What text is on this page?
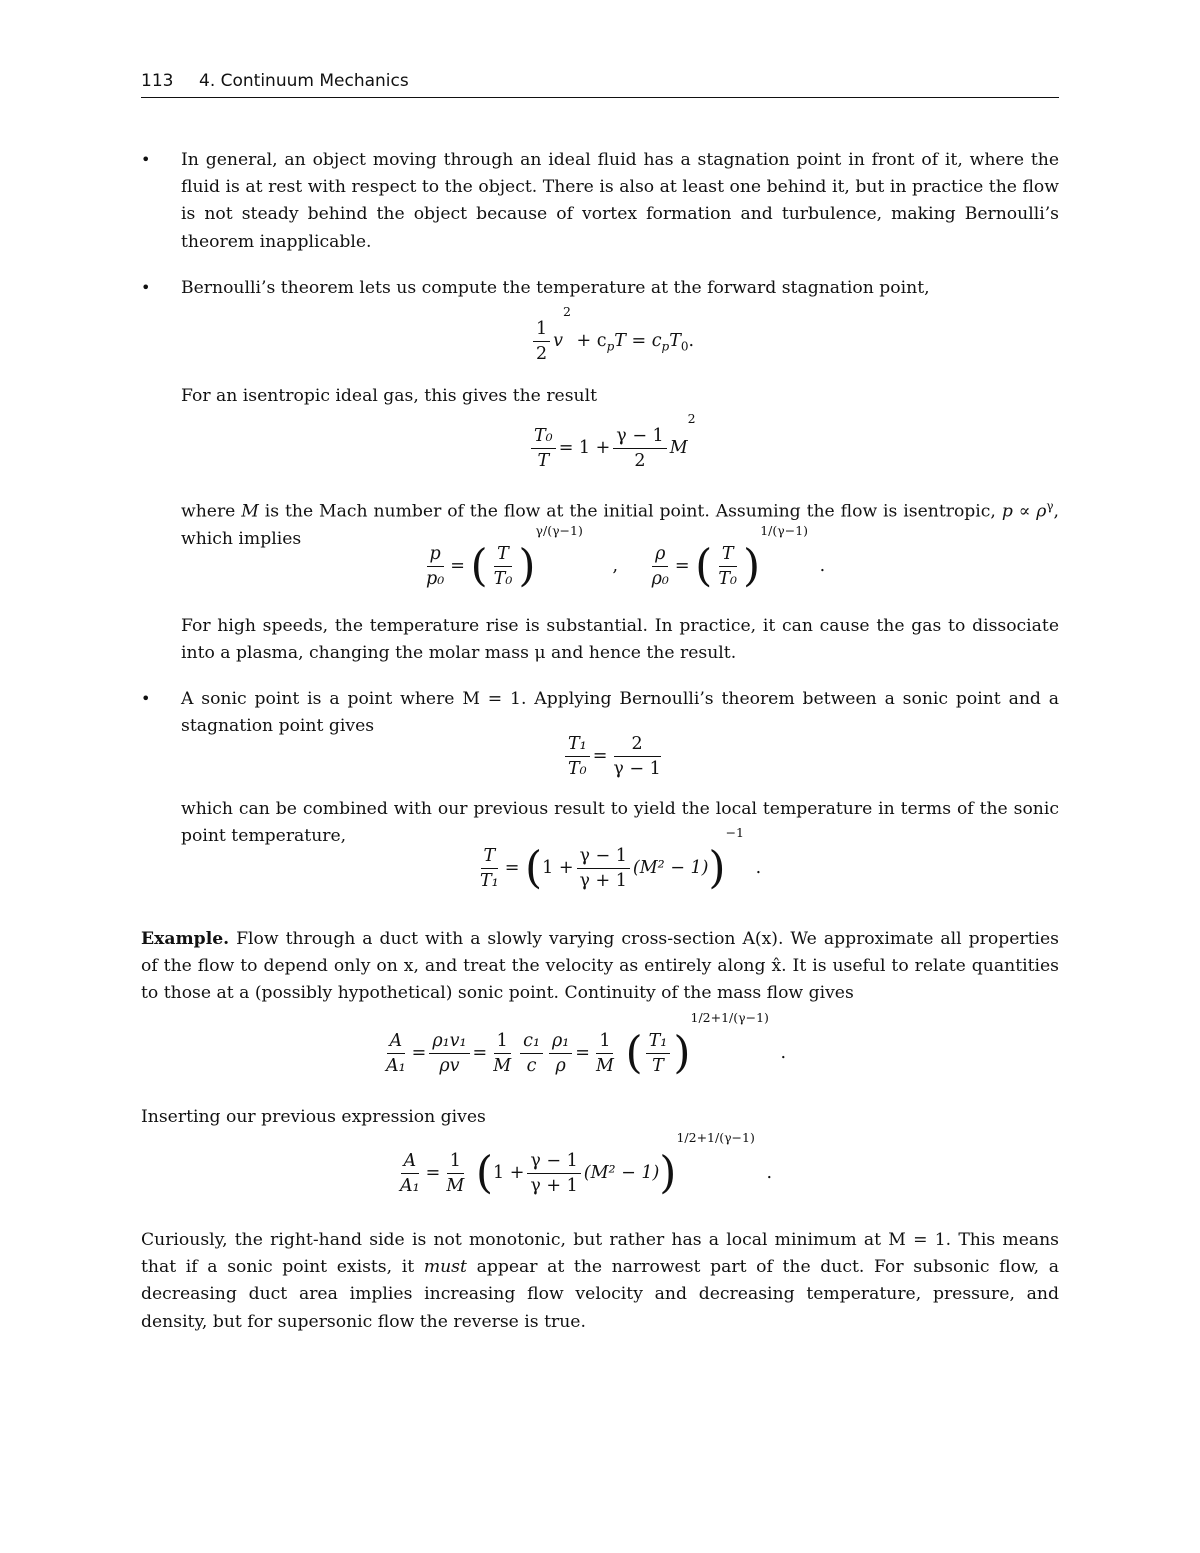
113 4. Continuum Mechanics
• In general, an object moving through an ideal fluid has a stagnation point in front of it, where the fluid is at rest with respect to the object. There is also at least one behind it, but in practice the flow is not steady behind the object because of vortex formation and turbulence, making Bernoulli’s theorem inapplicable.
• Bernoulli’s theorem lets us compute the temperature at the forward stagnation point,
$\frac{1}{2} v^2 + c_pT = c_pT_0$.
For an isentropic ideal gas, this gives the result
$\frac{\text{T₀}}{T} = 1 + \frac{\gamma - 1}{2} M^2$
where M is the Mach number of the flow at the initial point. Assuming the flow is isentropic, $p \propto \rho^\gamma$, which implies
$\frac{p}{\text{p₀}}$ = ( $\frac{T}{\text{T₀}} )^{\gamma/(\gamma-1)}$ , $\frac{\rho}{\text{ρ₀}}$ = ( $\frac{T}{\text{T₀}} )^{1/(\gamma-1)}$ .
For high speeds, the temperature rise is substantial. In practice, it can cause the gas to dissociate into a plasma, changing the molar mass μ and hence the result.
• A sonic point is a point where M = 1. Applying Bernoulli’s theorem between a sonic point and a stagnation point gives
$\frac{\text{T₁}}{\text{T₀}} = \frac{2}{\gamma - 1}$
which can be combined with our previous result to yield the local temperature in terms of the sonic point temperature,
$\frac{T}{\text{T₁}} = (1 + \frac{\gamma - 1}{\gamma + 1} (M^2 - 1))^{-1}$ .
Example. Flow through a duct with a slowly varying cross-section A(x). We approximate all properties of the flow to depend only on x, and treat the velocity as entirely along x̂. It is useful to relate quantities to those at a (possibly hypothetical) sonic point. Continuity of the mass flow gives
$\frac{A}{\text{A₁}} = \frac{\text{ρ₁v₁}}{\rho v} = \frac{1}{M} \frac{\text{c₁}}{c} \frac{\text{ρ₁}}{\rho} = \frac{1}{M}$ ( $\frac{\text{T₁}}{T} )^{1/2+1/(\gamma-1)}$ .
Inserting our previous expression gives
$\frac{A}{\text{A₁}} = \frac{1}{M} (1 + \frac{\gamma - 1}{\gamma + 1} (M^2 - 1))^{1/2+1/(\gamma-1)}$ .
Curiously, the right-hand side is not monotonic, but rather has a local minimum at M = 1. This means that if a sonic point exists, it must appear at the narrowest part of the duct. For subsonic flow, a decreasing duct area implies increasing flow velocity and decreasing temperature, pressure, and density, but for supersonic flow the reverse is true.
